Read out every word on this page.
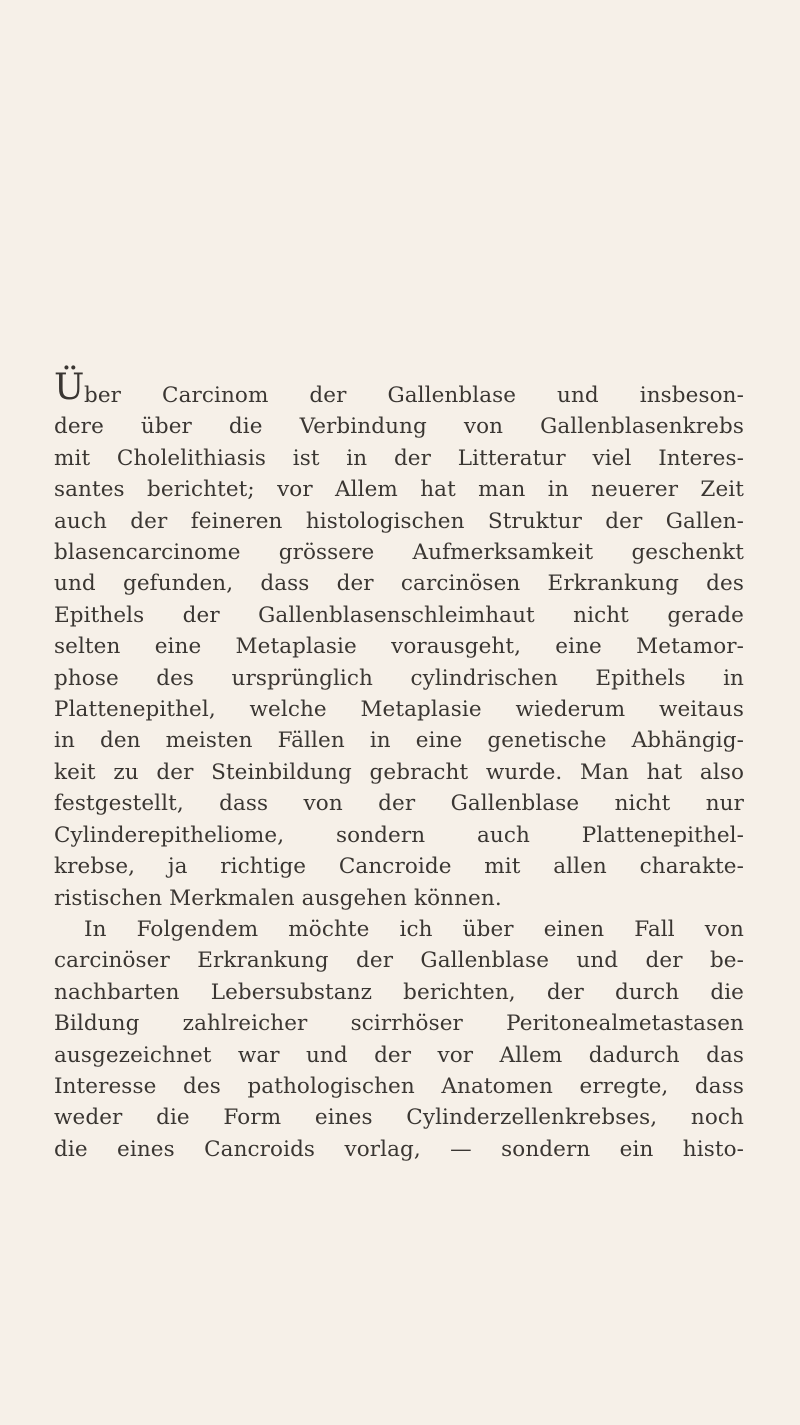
Ü ber Carcinom der Gallenblase und insbeson-
dere über die Verbindung von Gallenblasenkrebs
mit Cholelithiasis ist in der Litteratur viel Interes-
santes berichtet; vor Allem hat man in neuerer Zeit
auch der feineren histologischen Struktur der Gallen-
blasencarcinome grössere Aufmerksamkeit geschenkt
und gefunden, dass der carcinösen Erkrankung des
Epithels der Gallenblasenschleimhaut nicht gerade
selten eine Metaplasie vorausgeht, eine Metamor-
phose des ursprünglich cylindrischen Epithels in
Plattenepithel, welche Metaplasie wiederum weitaus
in den meisten Fällen in eine genetische Abhängig-
keit zu der Steinbildung gebracht wurde. Man hat also
festgestellt, dass von der Gallenblase nicht nur
Cylinderepitheliome, sondern auch Plattenepithel-
krebse, ja richtige Cancroide mit allen charakte-
ristischen Merkmalen ausgehen können.
In Folgendem möchte ich über einen Fall von
carcinöser Erkrankung der Gallenblase und der be-
nachbarten Lebersubstanz berichten, der durch die
Bildung zahlreicher scirrhöser Peritonealmetastasen
ausgezeichnet war und der vor Allem dadurch das
Interesse des pathologischen Anatomen erregte, dass
weder die Form eines Cylinderzellenkrebses, noch
die eines Cancroids vorlag, — sondern ein histo-
